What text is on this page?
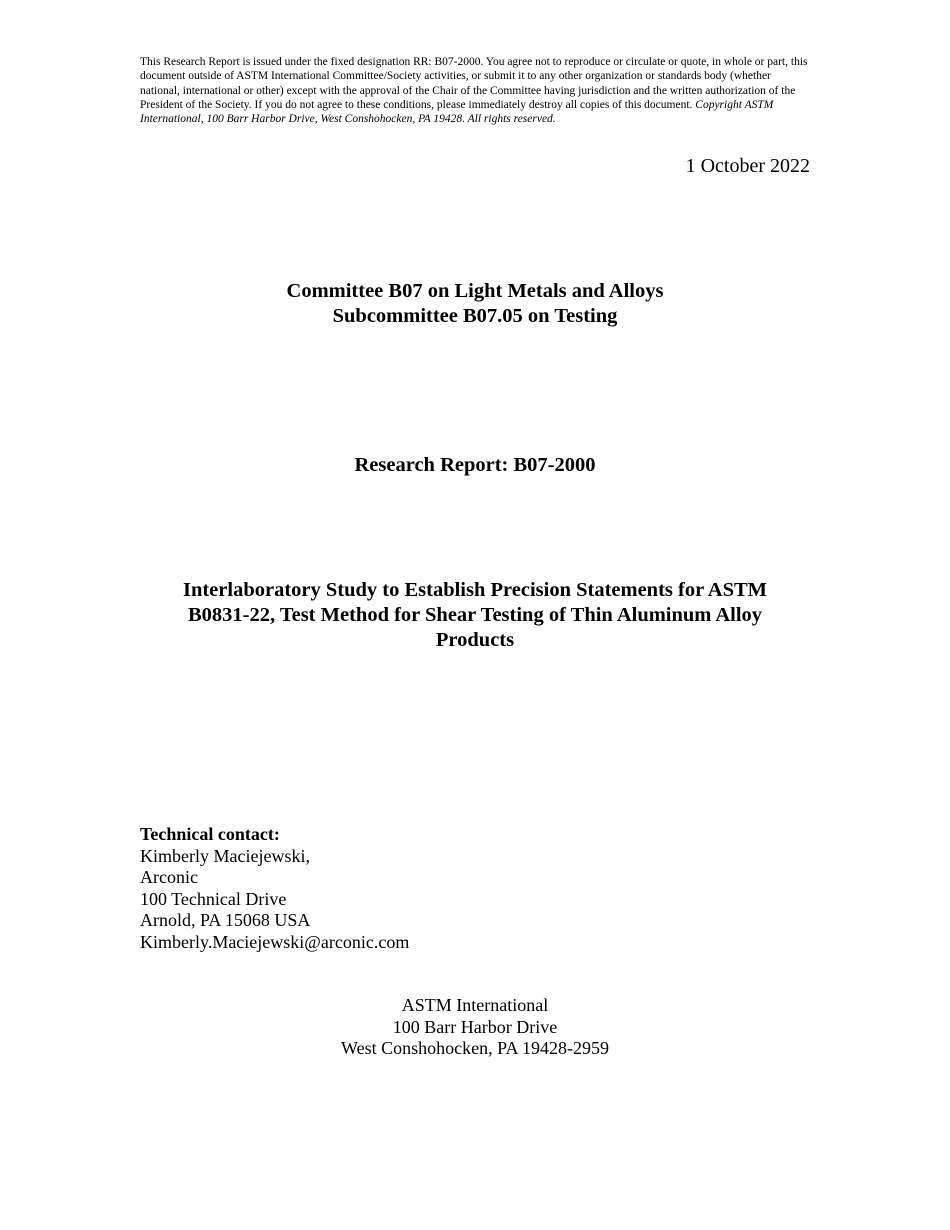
This Research Report is issued under the fixed designation RR: B07-2000. You agree not to reproduce or circulate or quote, in whole or part, this document outside of ASTM International Committee/Society activities, or submit it to any other organization or standards body (whether national, international or other) except with the approval of the Chair of the Committee having jurisdiction and the written authorization of the President of the Society. If you do not agree to these conditions, please immediately destroy all copies of this document. Copyright ASTM International, 100 Barr Harbor Drive, West Conshohocken, PA 19428. All rights reserved.
1 October 2022
Committee B07 on Light Metals and Alloys
Subcommittee B07.05 on Testing
Research Report: B07-2000
Interlaboratory Study to Establish Precision Statements for ASTM
B0831-22, Test Method for Shear Testing of Thin Aluminum Alloy
Products
Technical contact:
Kimberly Maciejewski,
Arconic
100 Technical Drive
Arnold, PA 15068 USA
Kimberly.Maciejewski@arconic.com
ASTM International
100 Barr Harbor Drive
West Conshohocken, PA 19428-2959
